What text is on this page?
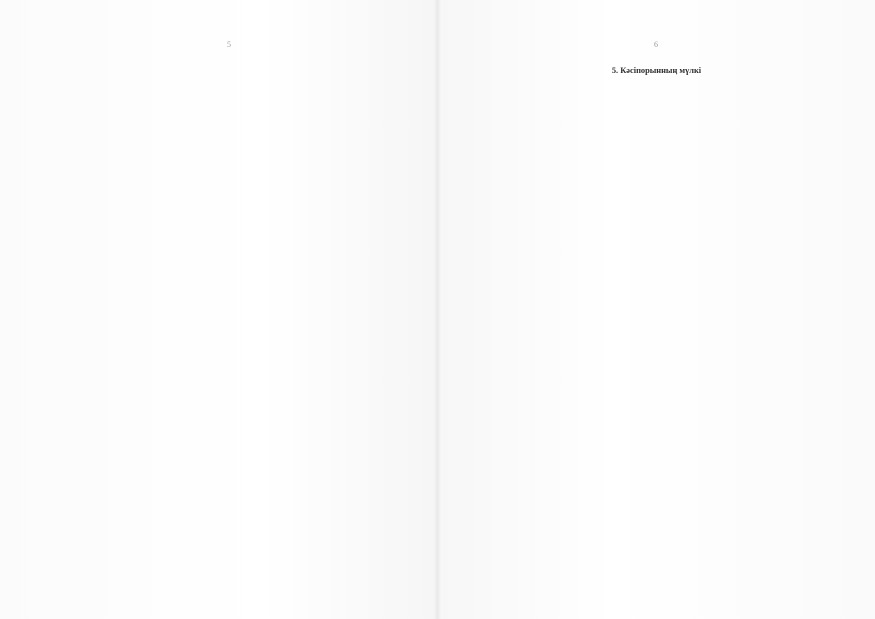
5	6
5. Кәсіпорынның мүлкі
